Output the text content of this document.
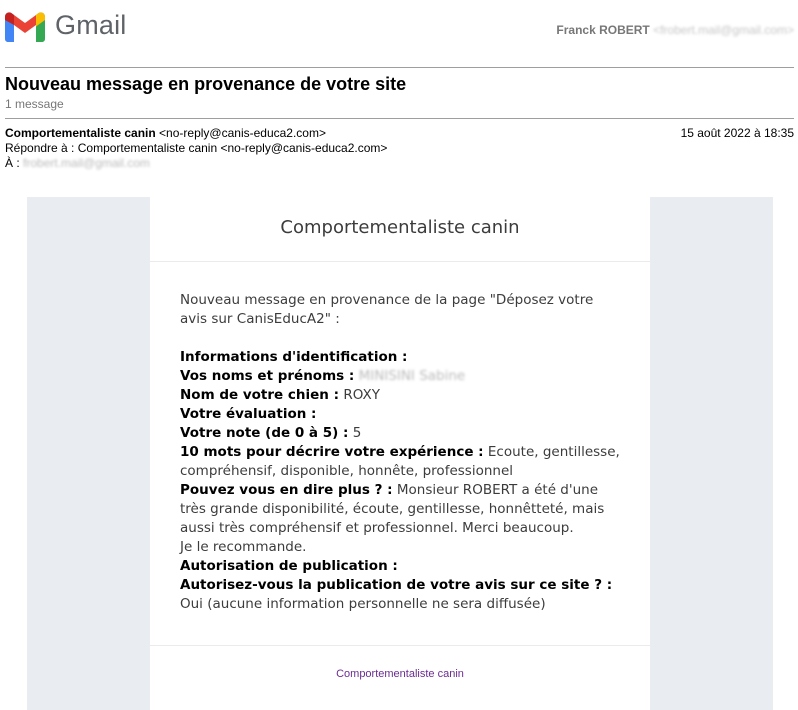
Gmail	Franck ROBERT <frobert.mail@gmail.com>
Nouveau message en provenance de votre site
1 message
Comportementaliste canin <no-reply@canis-educa2.com>
Répondre à : Comportementaliste canin <no-reply@canis-educa2.com>
À : frobert.mail@gmail.com
15 août 2022 à 18:35
Comportementaliste canin
Nouveau message en provenance de la page "Déposez votre avis sur CanisEducA2" :
Informations d'identification :
Vos noms et prénoms : MINISINI Sabine
Nom de votre chien : ROXY
Votre évaluation :
Votre note (de 0 à 5) : 5
10 mots pour décrire votre expérience : Ecoute, gentillesse, compréhensif, disponible, honnête, professionnel
Pouvez vous en dire plus ? : Monsieur ROBERT a été d'une très grande disponibilité, écoute, gentillesse, honnêtteté, mais aussi très compréhensif et professionnel. Merci beaucoup.
Je le recommande.
Autorisation de publication :
Autorisez-vous la publication de votre avis sur ce site ? : Oui (aucune information personnelle ne sera diffusée)
Comportementaliste canin
